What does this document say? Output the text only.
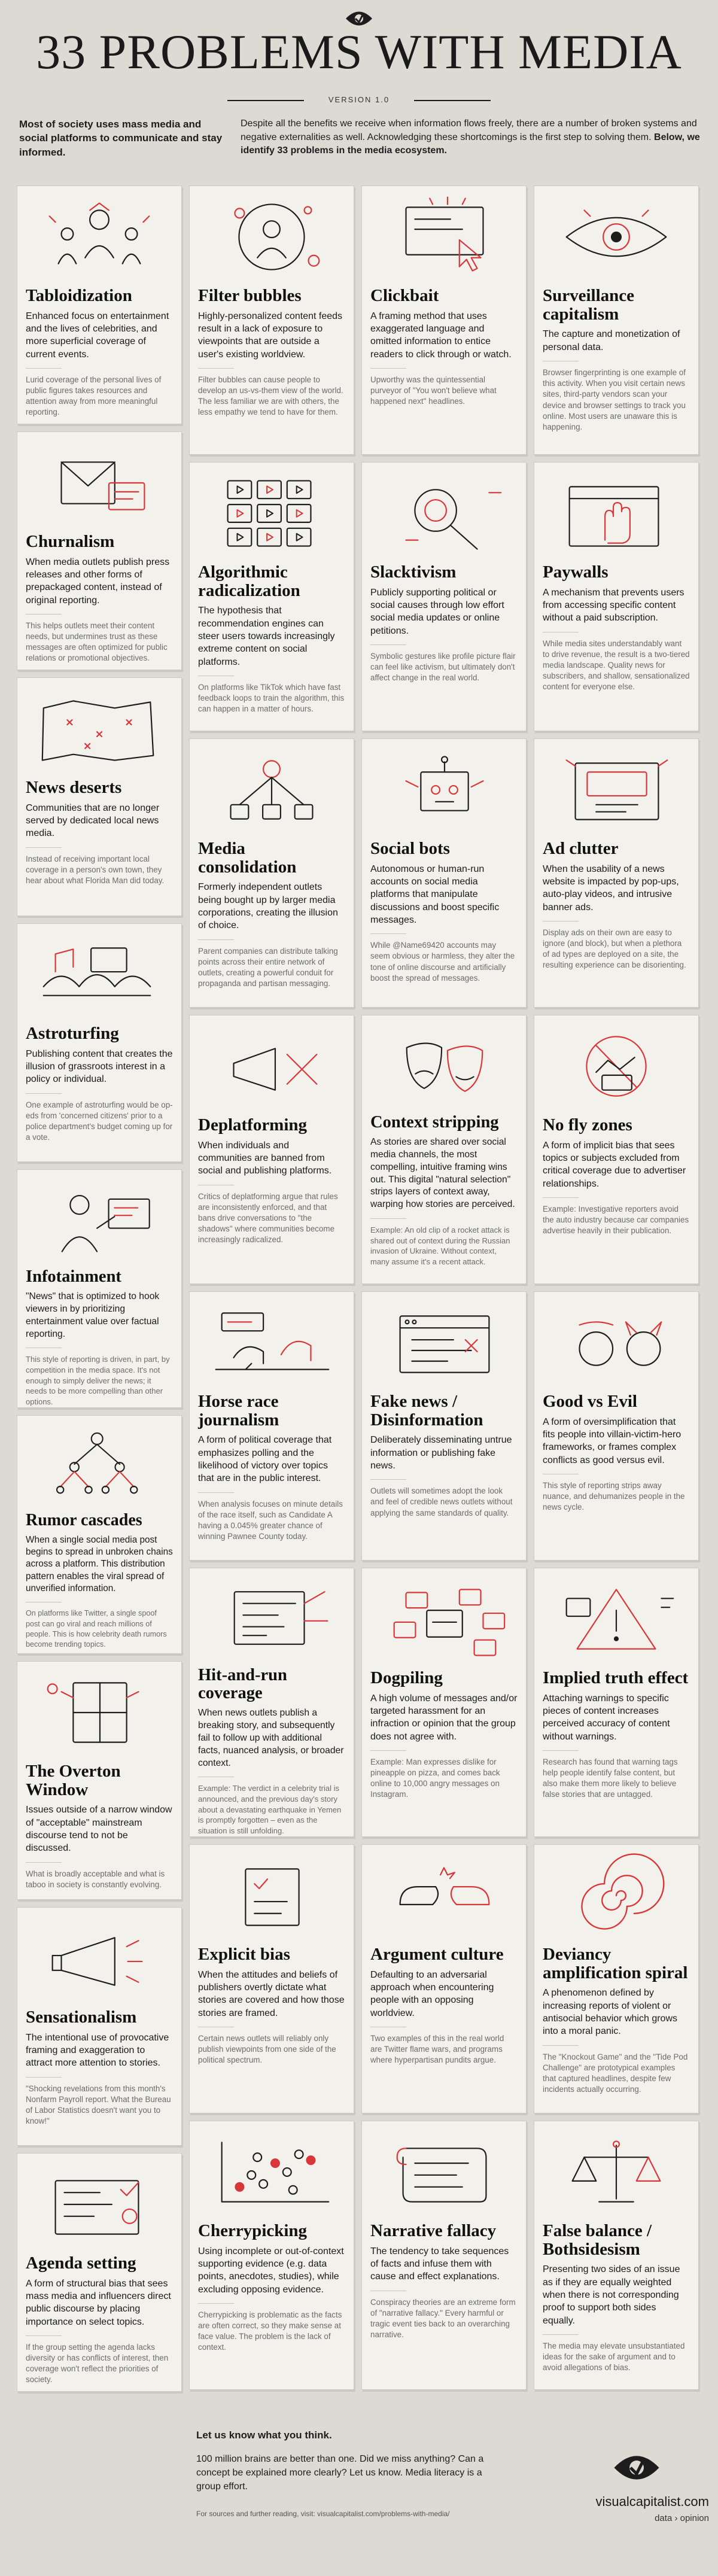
33 PROBLEMS WITH MEDIA
VERSION 1.0

Most of society uses mass media and social platforms to communicate and stay informed.

Despite all the benefits we receive when information flows freely, there are a number of broken systems and negative externalities as well. Acknowledging these shortcomings is the first step to solving them. Below, we identify 33 problems in the media ecosystem.

Tabloidization
Enhanced focus on entertainment and the lives of celebrities, and more superficial coverage of current events.
Lurid coverage of the personal lives of public figures takes resources and attention away from more meaningful reporting.
Churnalism
When media outlets publish press releases and other forms of prepackaged content, instead of original reporting.
This helps outlets meet their content needs, but undermines trust as these messages are often optimized for public relations or promotional objectives.
News deserts
Communities that are no longer served by dedicated local news media.
Instead of receiving important local coverage in a person's own town, they hear about what Florida Man did today.
Astroturfing
Publishing content that creates the illusion of grassroots interest in a policy or individual.
One example of astroturfing would be op-eds from 'concerned citizens' prior to a police department's budget coming up for a vote.
Infotainment
"News" that is optimized to hook viewers in by prioritizing entertainment value over factual reporting.
This style of reporting is driven, in part, by competition in the media space. It's not enough to simply deliver the news; it needs to be more compelling than other options.
Rumor cascades
When a single social media post begins to spread in unbroken chains across a platform. This distribution pattern enables the viral spread of unverified information.
On platforms like Twitter, a single spoof post can go viral and reach millions of people. This is how celebrity death rumors become trending topics.
The Overton Window
Issues outside of a narrow window of "acceptable" mainstream discourse tend to not be discussed.
What is broadly acceptable and what is taboo in society is constantly evolving.
Sensationalism
The intentional use of provocative framing and exaggeration to attract more attention to stories.
"Shocking revelations from this month's Nonfarm Payroll report. What the Bureau of Labor Statistics doesn't want you to know!"
Agenda setting
A form of structural bias that sees mass media and influencers direct public discourse by placing importance on select topics.
If the group setting the agenda lacks diversity or has conflicts of interest, then coverage won't reflect the priorities of society.
Filter bubbles
Highly-personalized content feeds result in a lack of exposure to viewpoints that are outside a user's existing worldview.
Filter bubbles can cause people to develop an us-vs-them view of the world. The less familiar we are with others, the less empathy we tend to have for them.
Algorithmic radicalization
The hypothesis that recommendation engines can steer users towards increasingly extreme content on social platforms.
On platforms like TikTok which have fast feedback loops to train the algorithm, this can happen in a matter of hours.
Media consolidation
Formerly independent outlets being bought up by larger media corporations, creating the illusion of choice.
Parent companies can distribute talking points across their entire network of outlets, creating a powerful conduit for propaganda and partisan messaging.
Deplatforming
When individuals and communities are banned from social and publishing platforms.
Critics of deplatforming argue that rules are inconsistently enforced, and that bans drive conversations to "the shadows" where communities become increasingly radicalized.
Horse race journalism
A form of political coverage that emphasizes polling and the likelihood of victory over topics that are in the public interest.
When analysis focuses on minute details of the race itself, such as Candidate A having a 0.045% greater chance of winning Pawnee County today.
Hit-and-run coverage
When news outlets publish a breaking story, and subsequently fail to follow up with additional facts, nuanced analysis, or broader context.
Example: The verdict in a celebrity trial is announced, and the previous day's story about a devastating earthquake in Yemen is promptly forgotten – even as the situation is still unfolding.
Explicit bias
When the attitudes and beliefs of publishers overtly dictate what stories are covered and how those stories are framed.
Certain news outlets will reliably only publish viewpoints from one side of the political spectrum.
Cherrypicking
Using incomplete or out-of-context supporting evidence (e.g. data points, anecdotes, studies), while excluding opposing evidence.
Cherrypicking is problematic as the facts are often correct, so they make sense at face value. The problem is the lack of context.
Clickbait
A framing method that uses exaggerated language and omitted information to entice readers to click through or watch.
Upworthy was the quintessential purveyor of "You won't believe what happened next" headlines.
Slacktivism
Publicly supporting political or social causes through low effort social media updates or online petitions.
Symbolic gestures like profile picture flair can feel like activism, but ultimately don't affect change in the real world.
Social bots
Autonomous or human-run accounts on social media platforms that manipulate discussions and boost specific messages.
While @Name69420 accounts may seem obvious or harmless, they alter the tone of online discourse and artificially boost the spread of messages.
Context stripping
As stories are shared over social media channels, the most compelling, intuitive framing wins out. This digital "natural selection" strips layers of context away, warping how stories are perceived.
Example: An old clip of a rocket attack is shared out of context during the Russian invasion of Ukraine. Without context, many assume it's a recent attack.
Fake news / Disinformation
Deliberately disseminating untrue information or publishing fake news.
Outlets will sometimes adopt the look and feel of credible news outlets without applying the same standards of quality.
Dogpiling
A high volume of messages and/or targeted harassment for an infraction or opinion that the group does not agree with.
Example: Man expresses dislike for pineapple on pizza, and comes back online to 10,000 angry messages on Instagram.
Argument culture
Defaulting to an adversarial approach when encountering people with an opposing worldview.
Two examples of this in the real world are Twitter flame wars, and programs where hyperpartisan pundits argue.
Narrative fallacy
The tendency to take sequences of facts and infuse them with cause and effect explanations.
Conspiracy theories are an extreme form of "narrative fallacy." Every harmful or tragic event ties back to an overarching narrative.
Surveillance capitalism
The capture and monetization of personal data.
Browser fingerprinting is one example of this activity. When you visit certain news sites, third-party vendors scan your device and browser settings to track you online. Most users are unaware this is happening.
Paywalls
A mechanism that prevents users from accessing specific content without a paid subscription.
While media sites understandably want to drive revenue, the result is a two-tiered media landscape. Quality news for subscribers, and shallow, sensationalized content for everyone else.
Ad clutter
When the usability of a news website is impacted by pop-ups, auto-play videos, and intrusive banner ads.
Display ads on their own are easy to ignore (and block), but when a plethora of ad types are deployed on a site, the resulting experience can be disorienting.
No fly zones
A form of implicit bias that sees topics or subjects excluded from critical coverage due to advertiser relationships.
Example: Investigative reporters avoid the auto industry because car companies advertise heavily in their publication.
Good vs Evil
A form of oversimplification that fits people into villain-victim-hero frameworks, or frames complex conflicts as good versus evil.
This style of reporting strips away nuance, and dehumanizes people in the news cycle.
Implied truth effect
Attaching warnings to specific pieces of content increases perceived accuracy of content without warnings.
Research has found that warning tags help people identify false content, but also make them more likely to believe false stories that are untagged.
Deviancy amplification spiral
A phenomenon defined by increasing reports of violent or antisocial behavior which grows into a moral panic.
The "Knockout Game" and the "Tide Pod Challenge" are prototypical examples that captured headlines, despite few incidents actually occurring.
False balance / Bothsidesism
Presenting two sides of an issue as if they are equally weighted when there is not corresponding proof to support both sides equally.
The media may elevate unsubstantiated ideas for the sake of argument and to avoid allegations of bias.
Let us know what you think.

100 million brains are better than one. Did we miss anything? Can a concept be explained more clearly? Let us know. Media literacy is a group effort.

For sources and further reading, visit: visualcapitalist.com/problems-with-media/
visualcapitalist.com
data › opinion
